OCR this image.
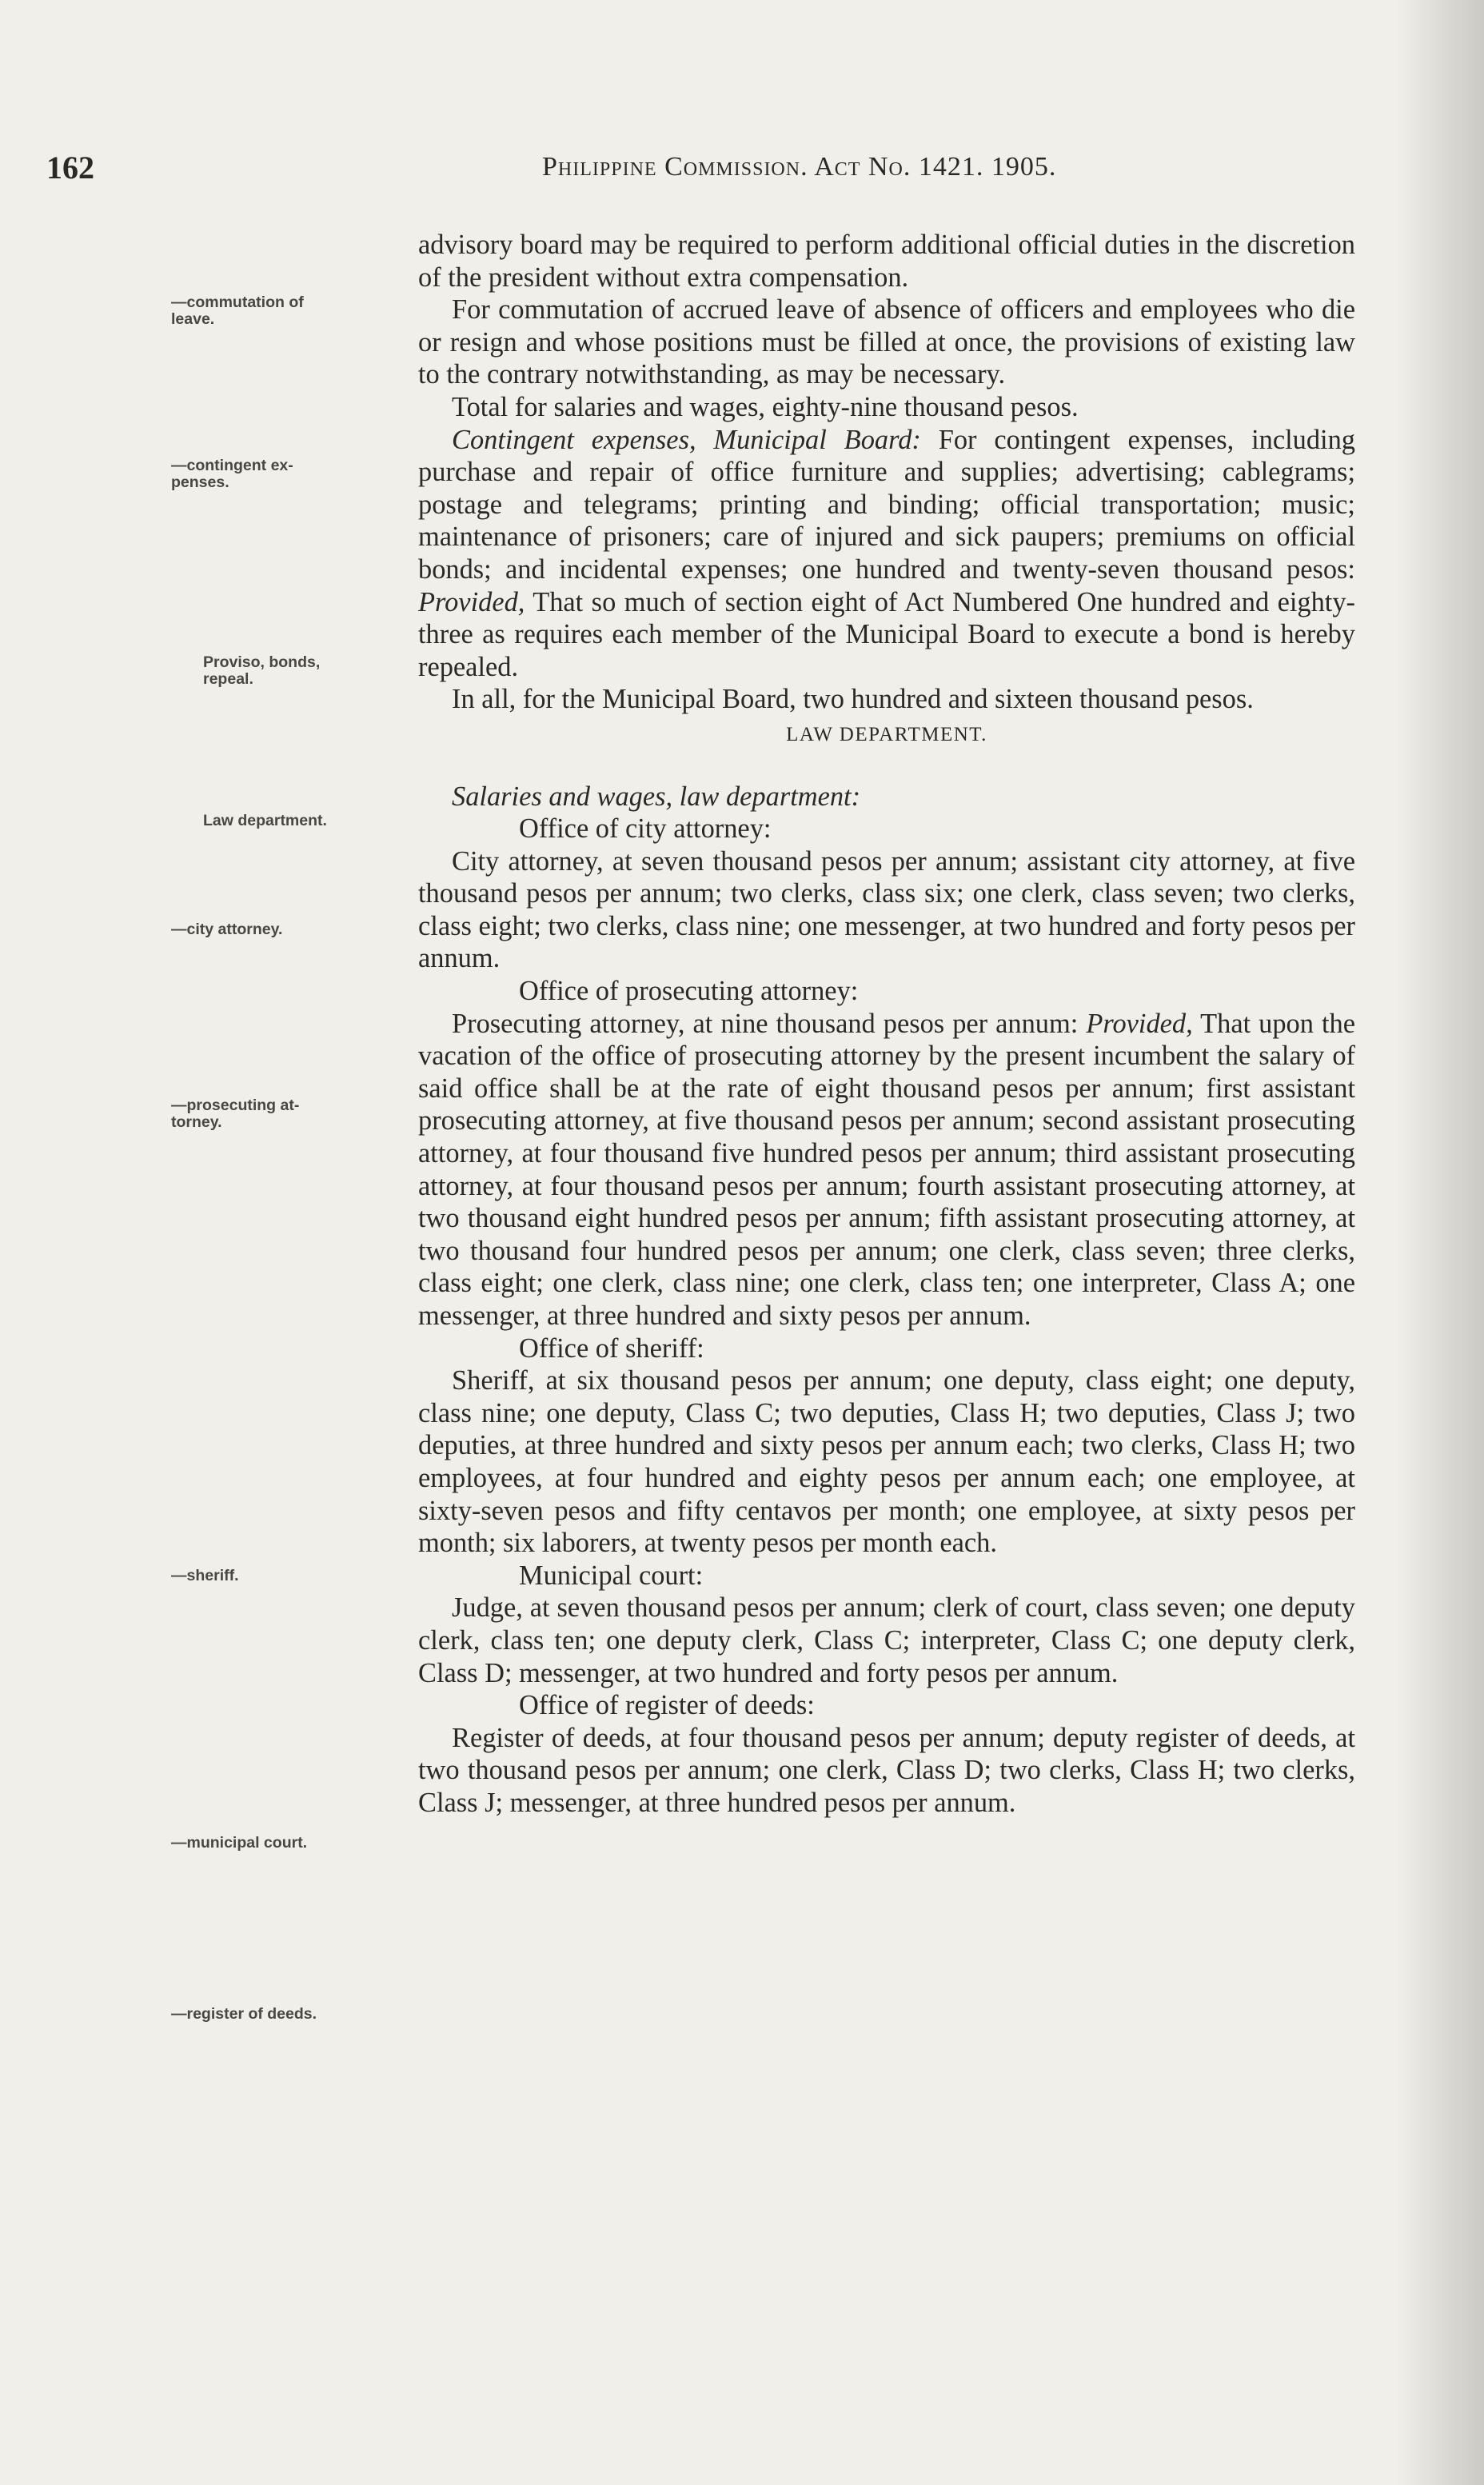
162	Philippine Commission. Act No. 1421. 1905.
—commutation of
leave.
—contingent ex-
penses.
Proviso, bonds,
repeal.
Law department.
—city attorney.
—prosecuting at-
torney.
—sheriff.
—municipal court.
—register of deeds.

advisory board may be required to perform additional official duties in the discretion of the president without extra compensation.

For commutation of accrued leave of absence of officers and employees who die or resign and whose positions must be filled at once, the provisions of existing law to the contrary notwithstanding, as may be necessary.

Total for salaries and wages, eighty-nine thousand pesos.

Contingent expenses, Municipal Board: For contingent expenses, including purchase and repair of office furniture and supplies; advertising; cablegrams; postage and telegrams; printing and binding; official transportation; music; maintenance of prisoners; care of injured and sick paupers; premiums on official bonds; and incidental expenses; one hundred and twenty-seven thousand pesos: Provided, That so much of section eight of Act Numbered One hundred and eighty-three as requires each member of the Municipal Board to execute a bond is hereby repealed.

In all, for the Municipal Board, two hundred and sixteen thousand pesos.

LAW DEPARTMENT.

Salaries and wages, law department:

Office of city attorney:

City attorney, at seven thousand pesos per annum; assistant city attorney, at five thousand pesos per annum; two clerks, class six; one clerk, class seven; two clerks, class eight; two clerks, class nine; one messenger, at two hundred and forty pesos per annum.

Office of prosecuting attorney:

Prosecuting attorney, at nine thousand pesos per annum: Provided, That upon the vacation of the office of prosecuting attorney by the present incumbent the salary of said office shall be at the rate of eight thousand pesos per annum; first assistant prosecuting attorney, at five thousand pesos per annum; second assistant prosecuting attorney, at four thousand five hundred pesos per annum; third assistant prosecuting attorney, at four thousand pesos per annum; fourth assistant prosecuting attorney, at two thousand eight hundred pesos per annum; fifth assistant prosecuting attorney, at two thousand four hundred pesos per annum; one clerk, class seven; three clerks, class eight; one clerk, class nine; one clerk, class ten; one interpreter, Class A; one messenger, at three hundred and sixty pesos per annum.

Office of sheriff:

Sheriff, at six thousand pesos per annum; one deputy, class eight; one deputy, class nine; one deputy, Class C; two deputies, Class H; two deputies, Class J; two deputies, at three hundred and sixty pesos per annum each; two clerks, Class H; two employees, at four hundred and eighty pesos per annum each; one employee, at sixty-seven pesos and fifty centavos per month; one employee, at sixty pesos per month; six laborers, at twenty pesos per month each.

Municipal court:

Judge, at seven thousand pesos per annum; clerk of court, class seven; one deputy clerk, class ten; one deputy clerk, Class C; interpreter, Class C; one deputy clerk, Class D; messenger, at two hundred and forty pesos per annum.

Office of register of deeds:

Register of deeds, at four thousand pesos per annum; deputy register of deeds, at two thousand pesos per annum; one clerk, Class D; two clerks, Class H; two clerks, Class J; messenger, at three hundred pesos per annum.
